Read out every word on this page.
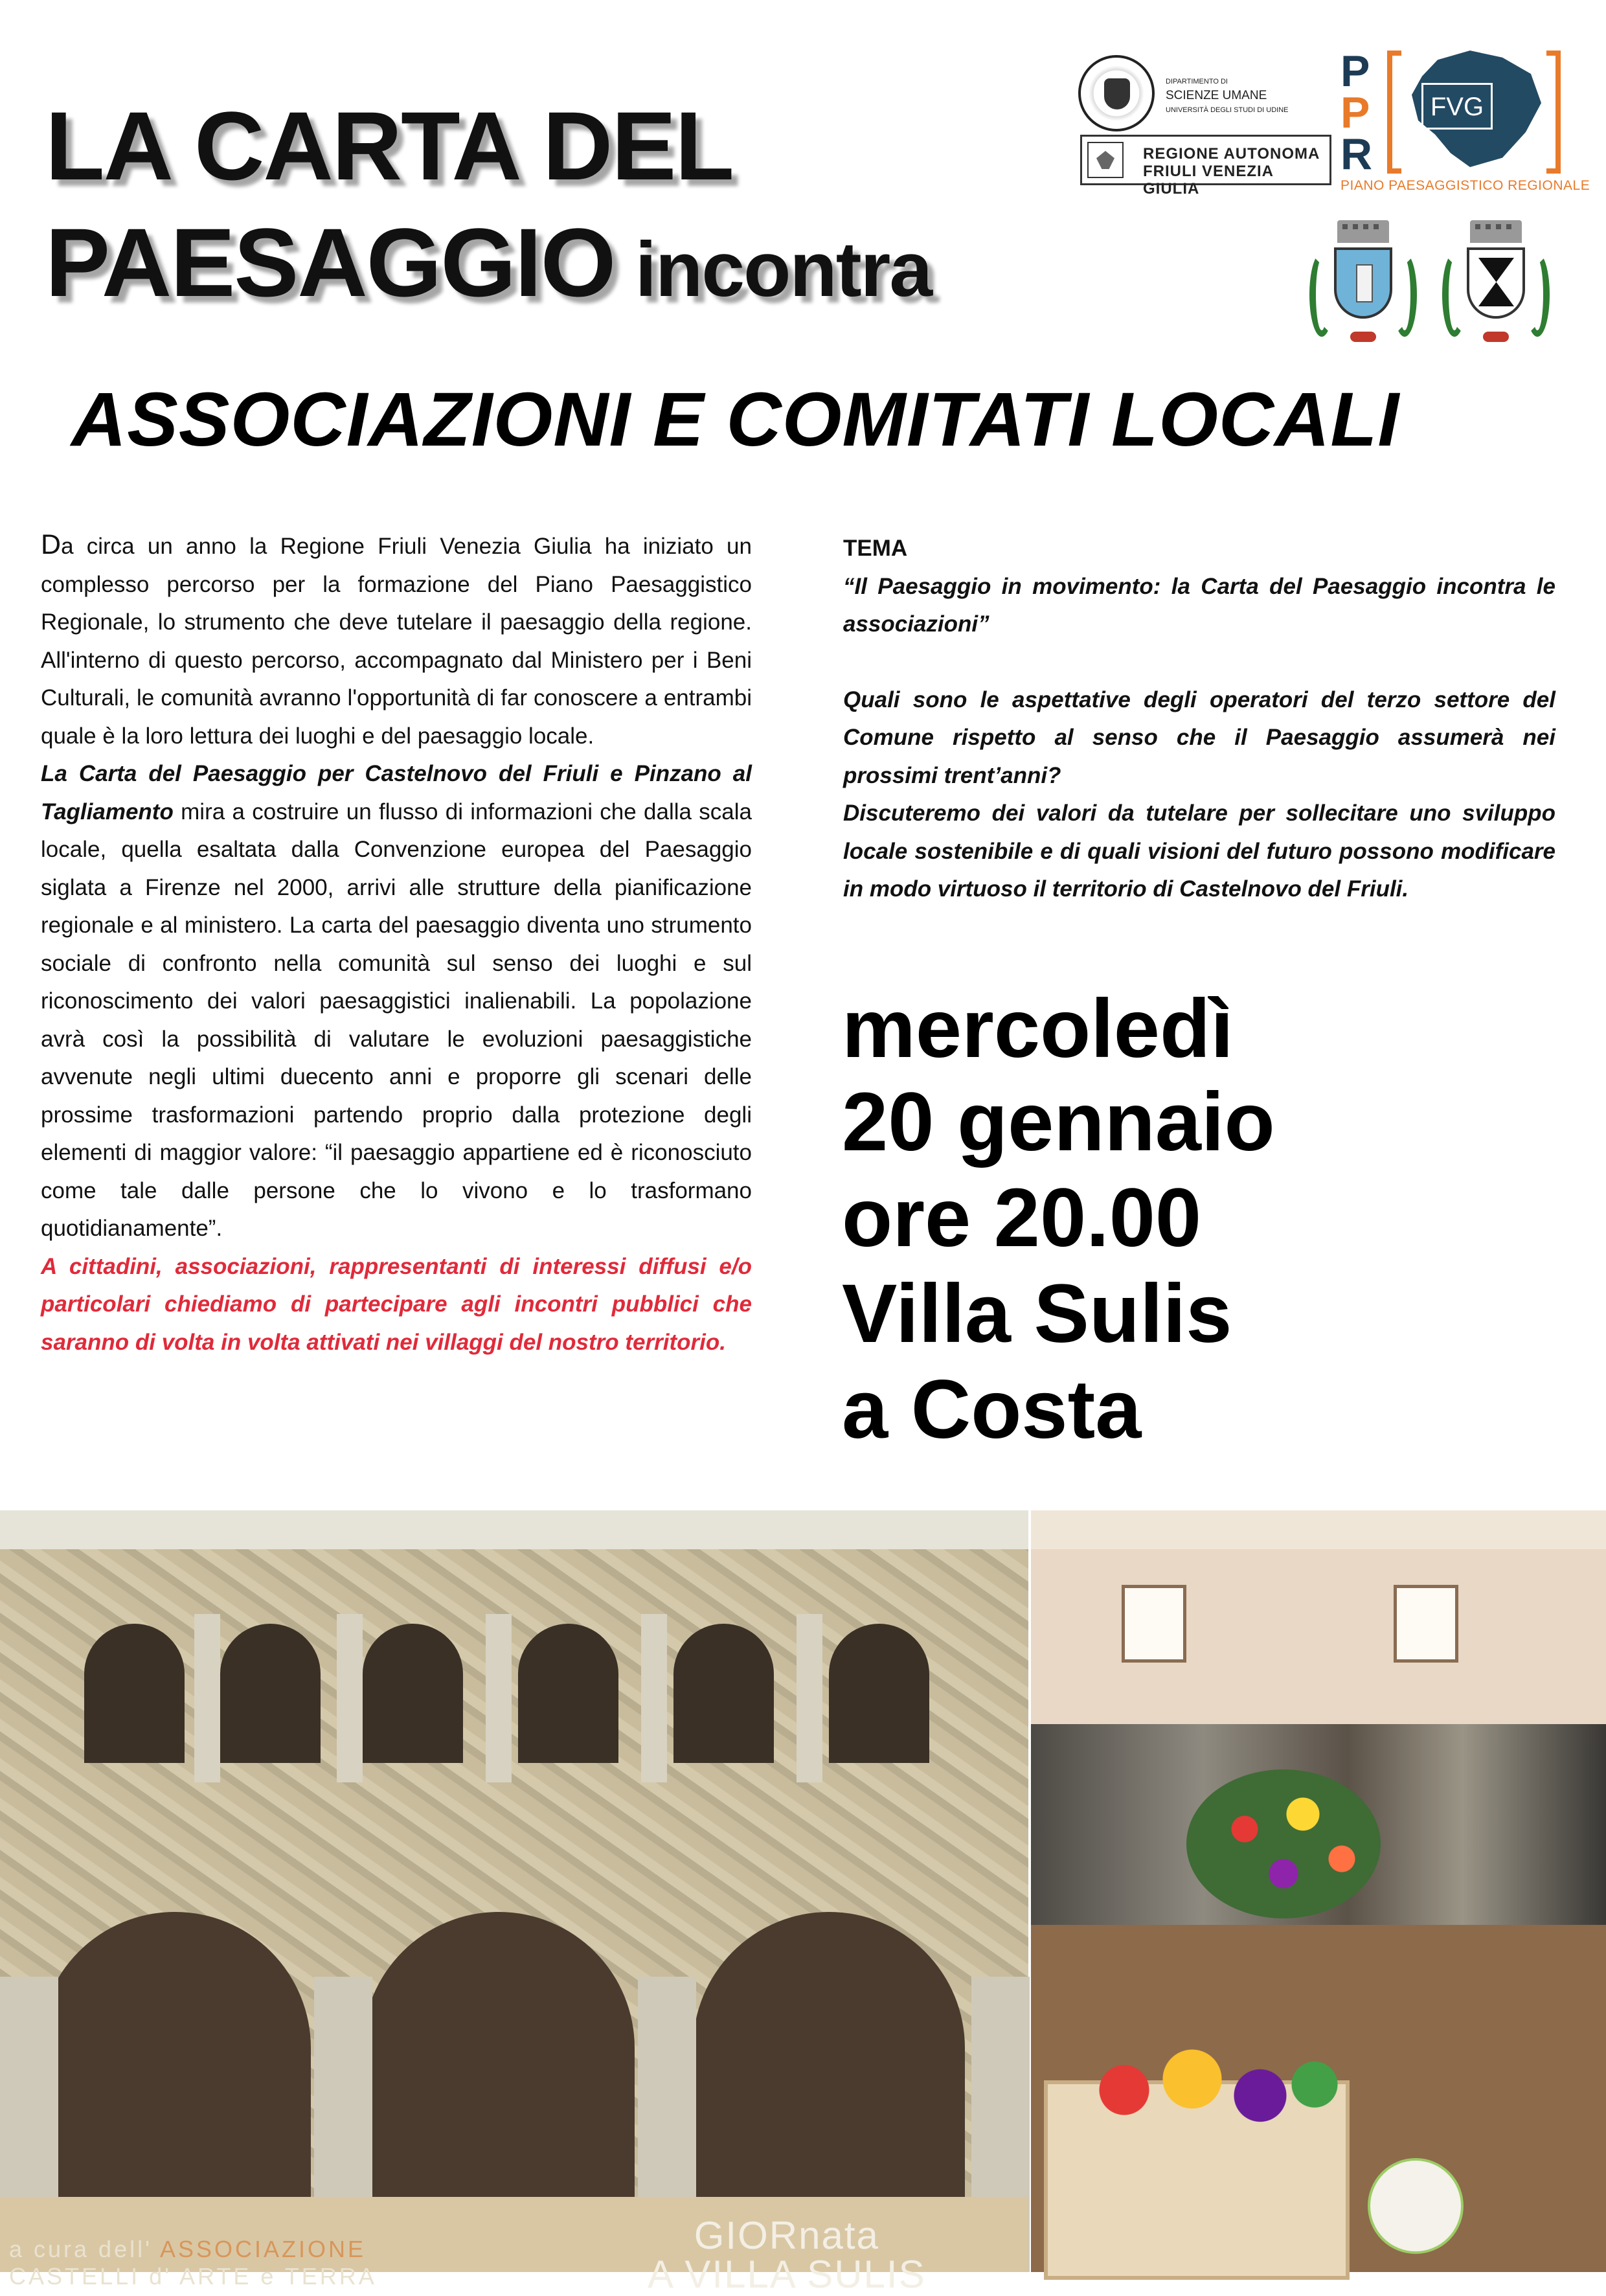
LA CARTA DEL
PAESAGGIO incontra
ASSOCIAZIONI E COMITATI LOCALI
DIPARTIMENTO DI
SCIENZE UMANE

UNIVERSITÀ DEGLI STUDI DI UDINE
REGIONE AUTONOMA
FRIULI VENEZIA GIULIA
P
P
R
FVG
PIANO PAESAGGISTICO REGIONALE

Da circa un anno la Regione Friuli Venezia Giulia ha iniziato un complesso percorso per la formazione del Piano Paesaggistico Regionale, lo strumento che deve tutelare il paesaggio della regione. All'interno di questo percorso, accompagnato dal Ministero per i Beni Culturali, le comunità avranno l'opportunità di far conoscere a entrambi quale è la loro lettura dei luoghi e del paesaggio locale.

La Carta del Paesaggio per Castelnovo del Friuli e Pinzano al Tagliamento mira a costruire un flusso di informazioni che dalla scala locale, quella esaltata dalla Convenzione europea del Paesaggio siglata a Firenze nel 2000, arrivi alle strutture della pianificazione regionale e al ministero. La carta del paesaggio diventa uno strumento sociale di confronto nella comunità sul senso dei luoghi e sul riconoscimento dei valori paesaggistici inalienabili. La popolazione avrà così la possibilità di valutare le evoluzioni paesaggistiche avvenute negli ultimi duecento anni e proporre gli scenari delle prossime trasformazioni partendo proprio dalla protezione degli elementi di maggior valore: “il paesaggio appartiene ed è riconosciuto come tale dalle persone che lo vivono e lo trasformano quotidianamente”.

A cittadini, associazioni, rappresentanti di interessi diffusi e/o particolari chiediamo di partecipare agli incontri pubblici che saranno di volta in volta attivati nei villaggi del nostro territorio.

TEMA

“Il Paesaggio in movimento: la Carta del Paesaggio incontra le associazioni”

Quali sono le aspettative degli operatori del terzo settore del Comune rispetto al senso che il Paesaggio assumerà nei prossimi trent’anni?

Discuteremo dei valori da tutelare per sollecitare uno sviluppo locale sostenibile e di quali visioni del futuro possono modificare in modo virtuoso il territorio di Castelnovo del Friuli.

mercoledì
20 gennaio
ore 20.00
Villa Sulis
a Costa
a cura dell' ASSOCIAZIONE
CASTELLI d' ARTE e TERRA
GIORnata
A VILLA SULIS
